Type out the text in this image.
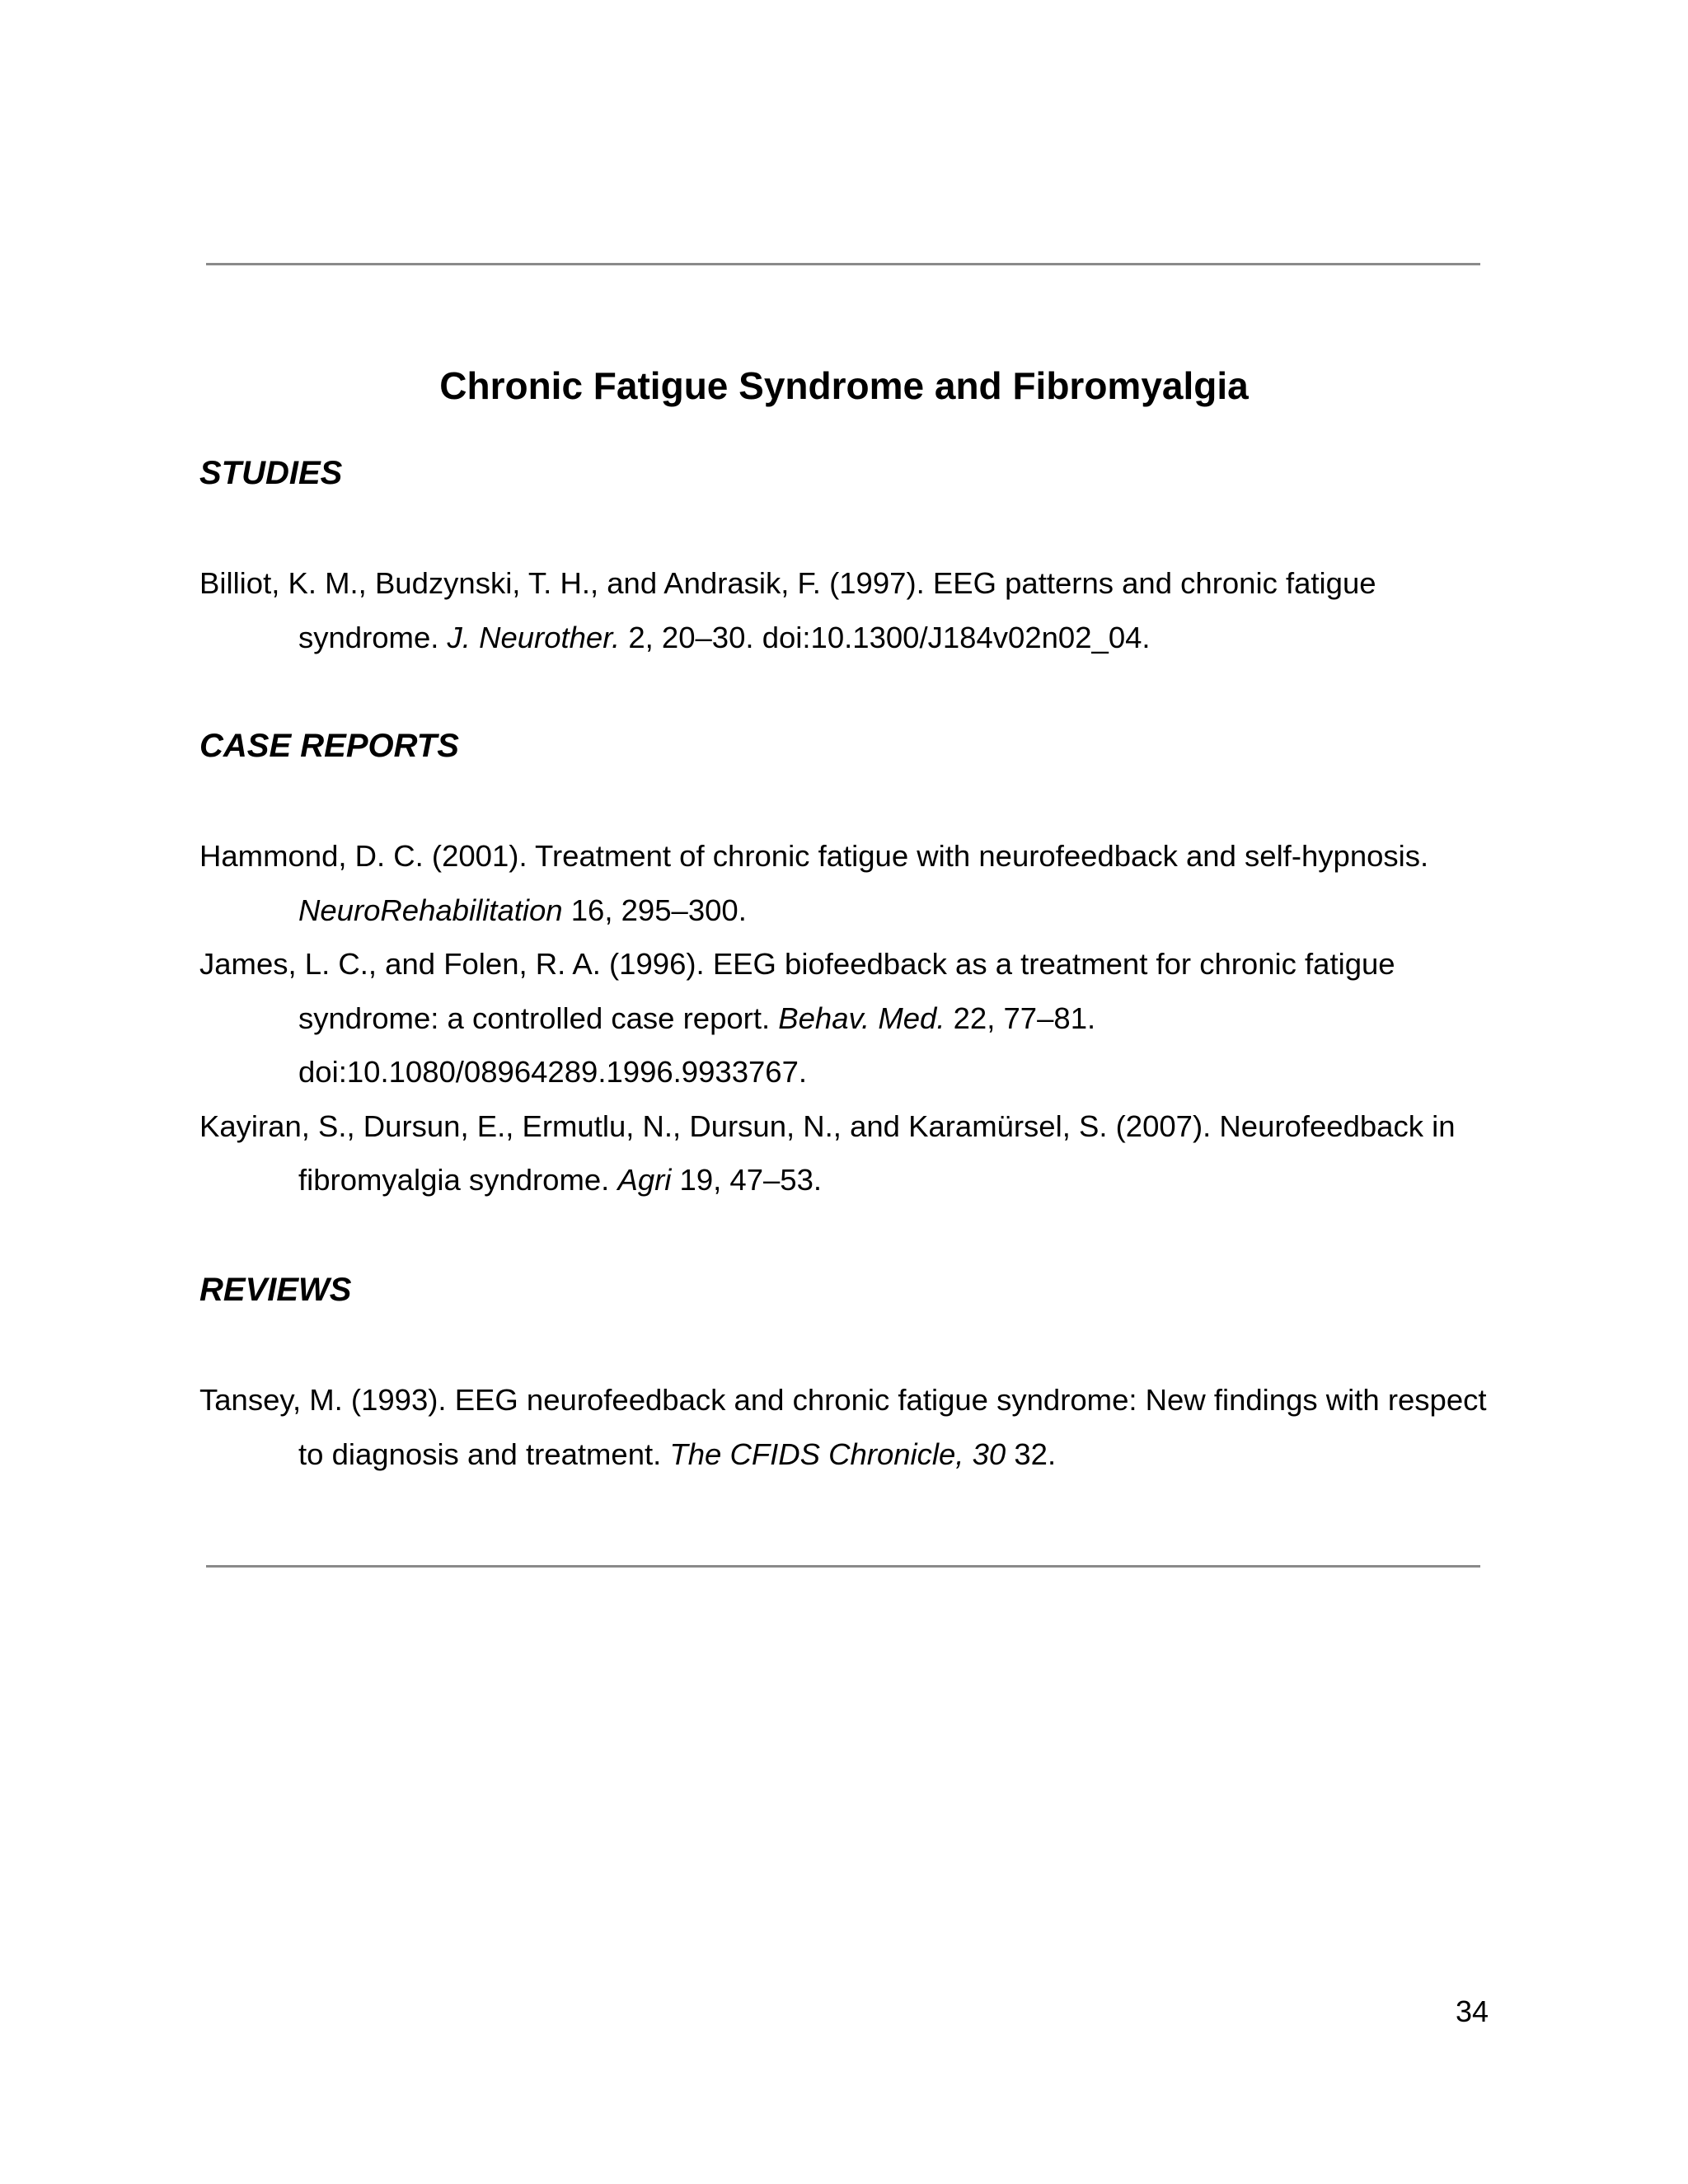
Chronic Fatigue Syndrome and Fibromyalgia
STUDIES
Billiot, K. M., Budzynski, T. H., and Andrasik, F. (1997). EEG patterns and chronic fatigue syndrome. J. Neurother. 2, 20–30. doi:10.1300/J184v02n02_04.
CASE REPORTS
Hammond, D. C. (2001). Treatment of chronic fatigue with neurofeedback and self-hypnosis. NeuroRehabilitation 16, 295–300.
James, L. C., and Folen, R. A. (1996). EEG biofeedback as a treatment for chronic fatigue syndrome: a controlled case report. Behav. Med. 22, 77–81. doi:10.1080/08964289.1996.9933767.
Kayiran, S., Dursun, E., Ermutlu, N., Dursun, N., and Karamürsel, S. (2007). Neurofeedback in fibromyalgia syndrome. Agri 19, 47–53.
REVIEWS
Tansey, M. (1993). EEG neurofeedback and chronic fatigue syndrome: New findings with respect to diagnosis and treatment. The CFIDS Chronicle, 30 32.
34
